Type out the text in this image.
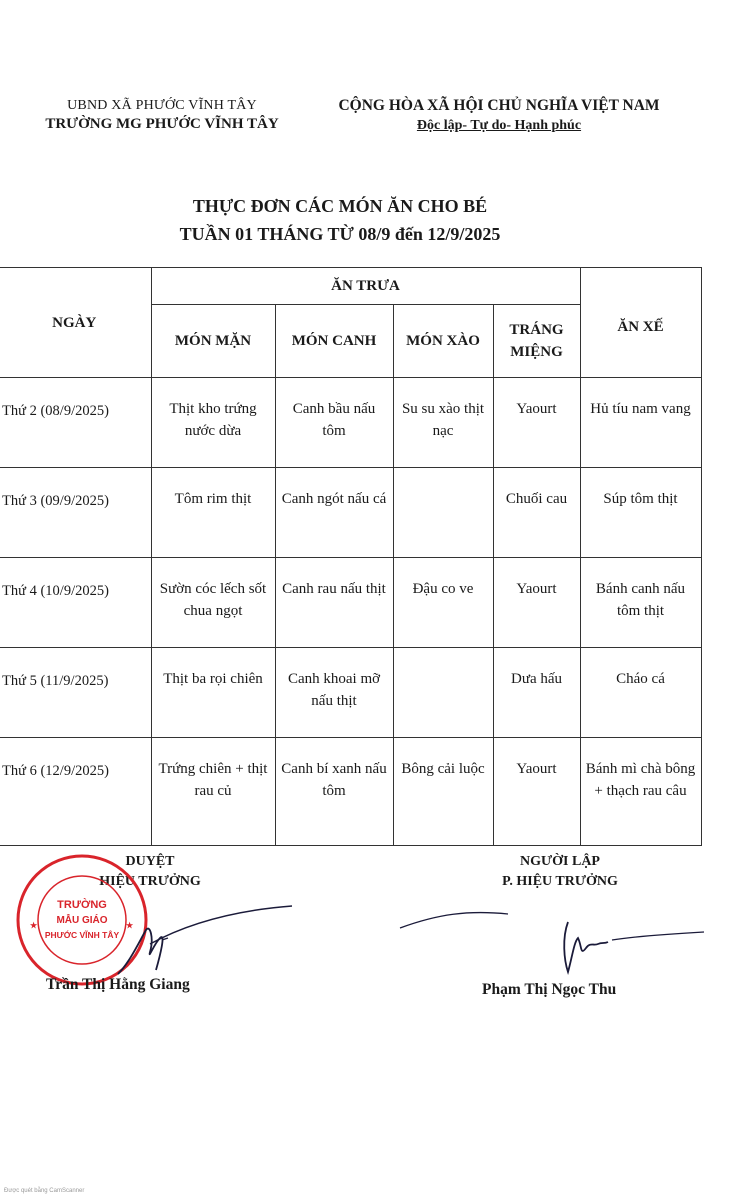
UBND XÃ PHƯỚC VĨNH TÂY
TRƯỜNG MG PHƯỚC VĨNH TÂY
CỘNG HÒA XÃ HỘI CHỦ NGHĨA VIỆT NAM
Độc lập- Tự do- Hạnh phúc
THỰC ĐƠN CÁC MÓN ĂN CHO BÉ
TUẦN 01 THÁNG TỪ 08/9 đến 12/9/2025
NGÀY	ĂN TRƯA				ĂN XẾ
	MÓN MẶN	MÓN CANH	MÓN XÀO	TRÁNG MIỆNG	
Thứ 2 (08/9/2025)	Thịt kho trứng nước dừa	Canh bầu nấu tôm	Su su xào thịt nạc	Yaourt	Hủ tíu nam vang
Thứ 3 (09/9/2025)	Tôm rim thịt	Canh ngót nấu cá		Chuối cau	Súp tôm thịt
Thứ 4 (10/9/2025)	Sườn cóc lếch sốt chua ngọt	Canh rau nấu thịt	Đậu co ve	Yaourt	Bánh canh nấu tôm thịt
Thứ 5 (11/9/2025)	Thịt ba rọi chiên	Canh khoai mỡ nấu thịt		Dưa hấu	Cháo cá
Thứ 6 (12/9/2025)	Trứng chiên + thịt rau củ	Canh bí xanh nấu tôm	Bông cải luộc	Yaourt	Bánh mì chà bông + thạch rau câu
DUYỆT
HIỆU TRƯỞNG
TRƯỜNG
MẪU GIÁO
PHƯỚC VĨNH TÂY
★	★
Trần Thị Hằng Giang
NGƯỜI LẬP
P. HIỆU TRƯỞNG
Phạm Thị Ngọc Thu
Được quét bằng CamScanner
